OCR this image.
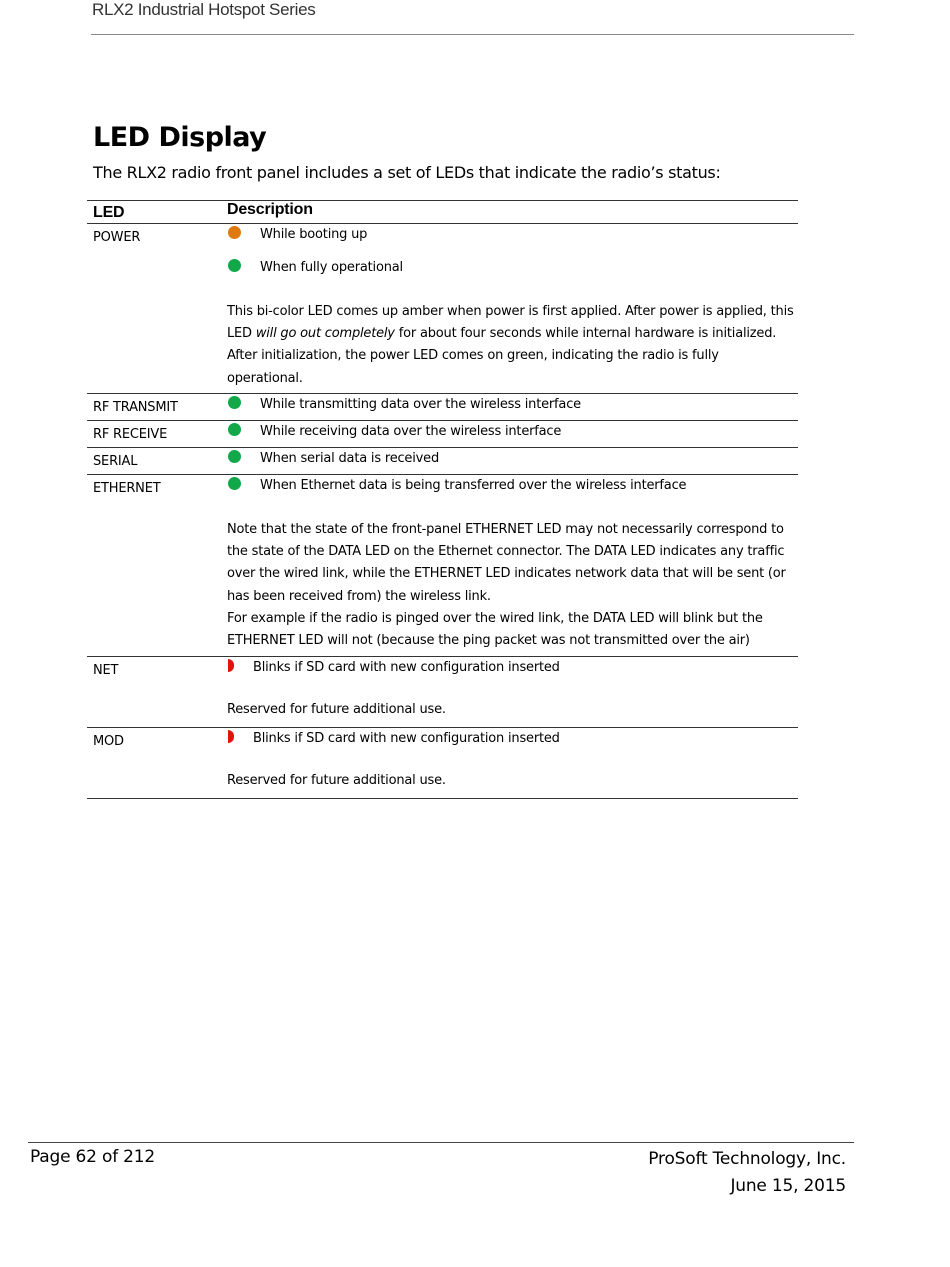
RLX2 Industrial Hotspot Series
LED Display

The RLX2 radio front panel includes a set of LEDs that indicate the radio’s status:

LED	Description
POWER	While booting up
When fully operational
This bi-color LED comes up amber when power is first applied. After power is applied, this LED will go out completely for about four seconds while internal hardware is initialized. After initialization, the power LED comes on green, indicating the radio is fully operational.
RF TRANSMIT	While transmitting data over the wireless interface
RF RECEIVE	While receiving data over the wireless interface
SERIAL	When serial data is received
ETHERNET	When Ethernet data is being transferred over the wireless interface
Note that the state of the front-panel ETHERNET LED may not necessarily correspond to the state of the DATA LED on the Ethernet connector. The DATA LED indicates any traffic over the wired link, while the ETHERNET LED indicates network data that will be sent (or has been received from) the wireless link.
For example if the radio is pinged over the wired link, the DATA LED will blink but the ETHERNET LED will not (because the ping packet was not transmitted over the air)
NET	Blinks if SD card with new configuration inserted
Reserved for future additional use.
MOD	Blinks if SD card with new configuration inserted
Reserved for future additional use.
Page 62 of 212	ProSoft Technology, Inc.
June 15, 2015
